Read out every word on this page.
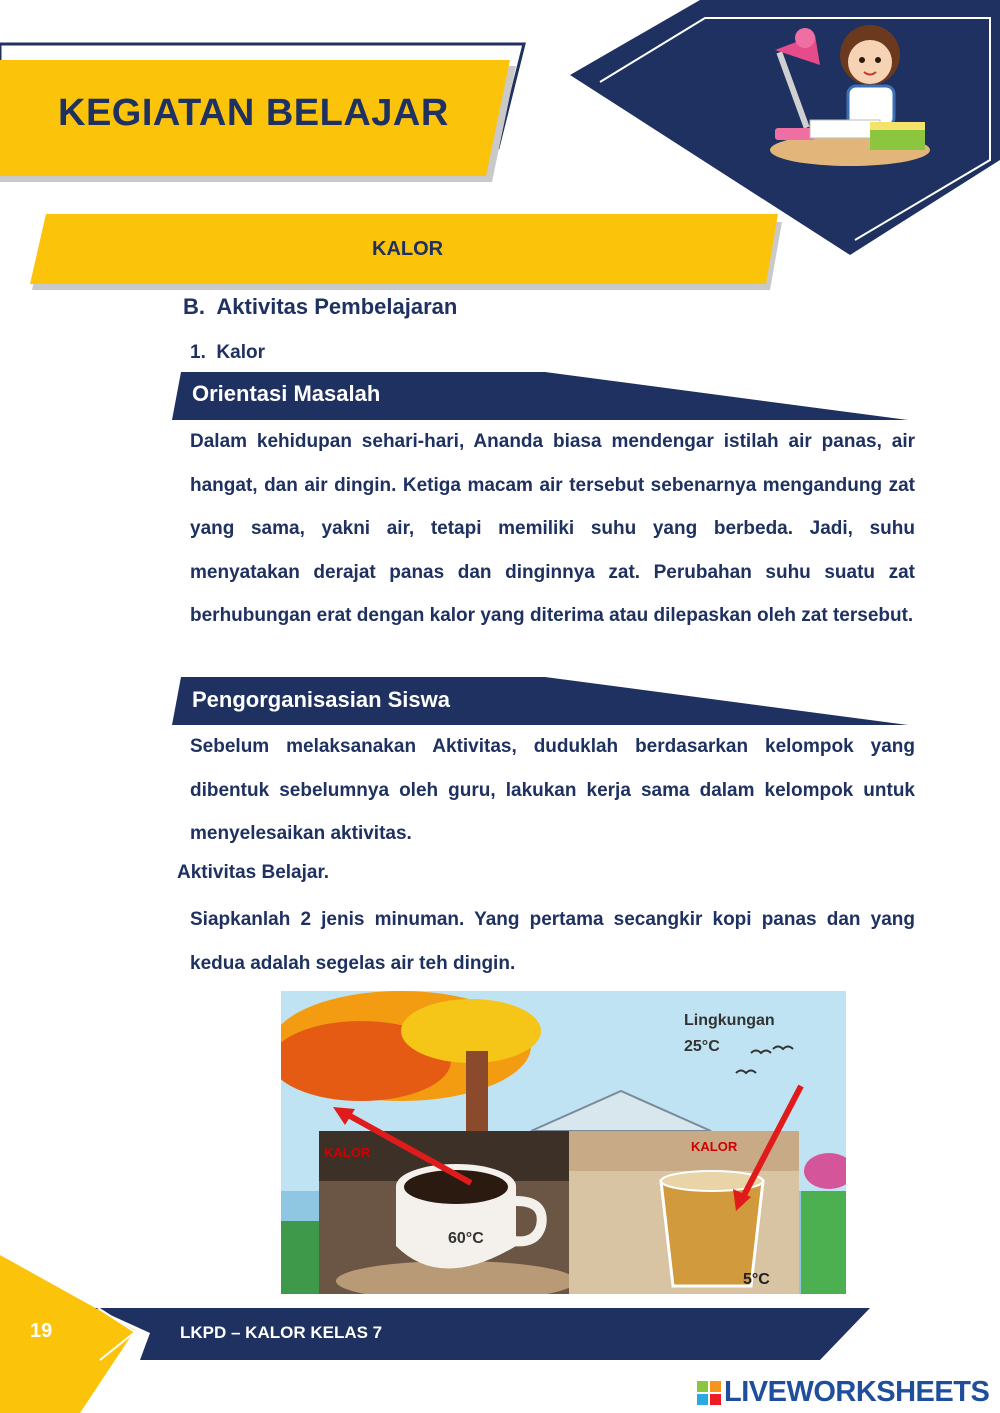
KEGIATAN BELAJAR
KALOR
B.  Aktivitas Pembelajaran
1.  Kalor
Orientasi Masalah

Dalam kehidupan sehari-hari, Ananda biasa mendengar istilah air panas, air hangat, dan air dingin. Ketiga macam air tersebut sebenarnya mengandung zat yang sama, yakni air, tetapi memiliki suhu yang berbeda. Jadi, suhu menyatakan derajat panas dan dinginnya zat. Perubahan suhu suatu zat berhubungan erat dengan kalor yang diterima atau dilepaskan oleh zat tersebut.

Pengorganisasian Siswa

Sebelum melaksanakan Aktivitas, duduklah berdasarkan kelompok yang dibentuk sebelumnya oleh guru, lakukan kerja sama dalam kelompok untuk menyelesaikan aktivitas.

Aktivitas Belajar.

Siapkanlah 2 jenis minuman. Yang pertama secangkir kopi panas dan yang kedua adalah segelas air teh dingin.

Lingkungan
25°C
KALOR
60°C
KALOR
5°C
19	LKPD – KALOR KELAS 7
LIVEWORKSHEETS
